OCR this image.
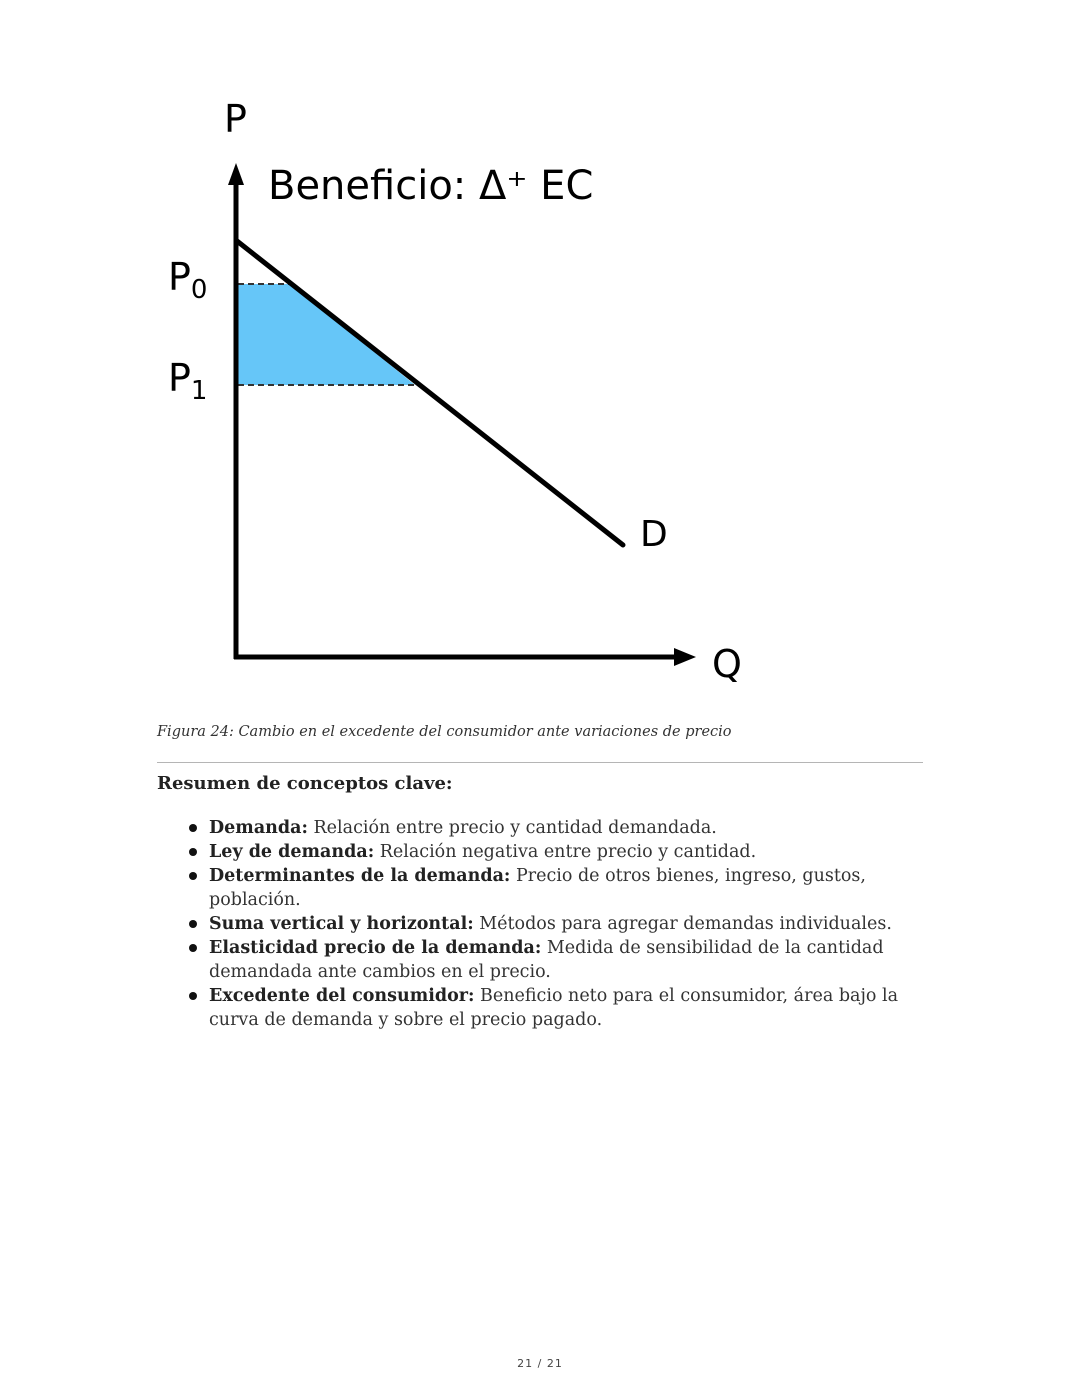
P
Beneficio: Δ⁺ EC
$P_0$
$P_1$
D
Q
Figura 24: Cambio en el excedente del consumidor ante variaciones de precio
Resumen de conceptos clave:
Demanda: Relación entre precio y cantidad demandada.
Ley de demanda: Relación negativa entre precio y cantidad.
Determinantes de la demanda: Precio de otros bienes, ingreso, gustos, población.
Suma vertical y horizontal: Métodos para agregar demandas individuales.
Elasticidad precio de la demanda: Medida de sensibilidad de la cantidad demandada ante cambios en el precio.
Excedente del consumidor: Beneficio neto para el consumidor, área bajo la curva de demanda y sobre el precio pagado.
21 / 21
